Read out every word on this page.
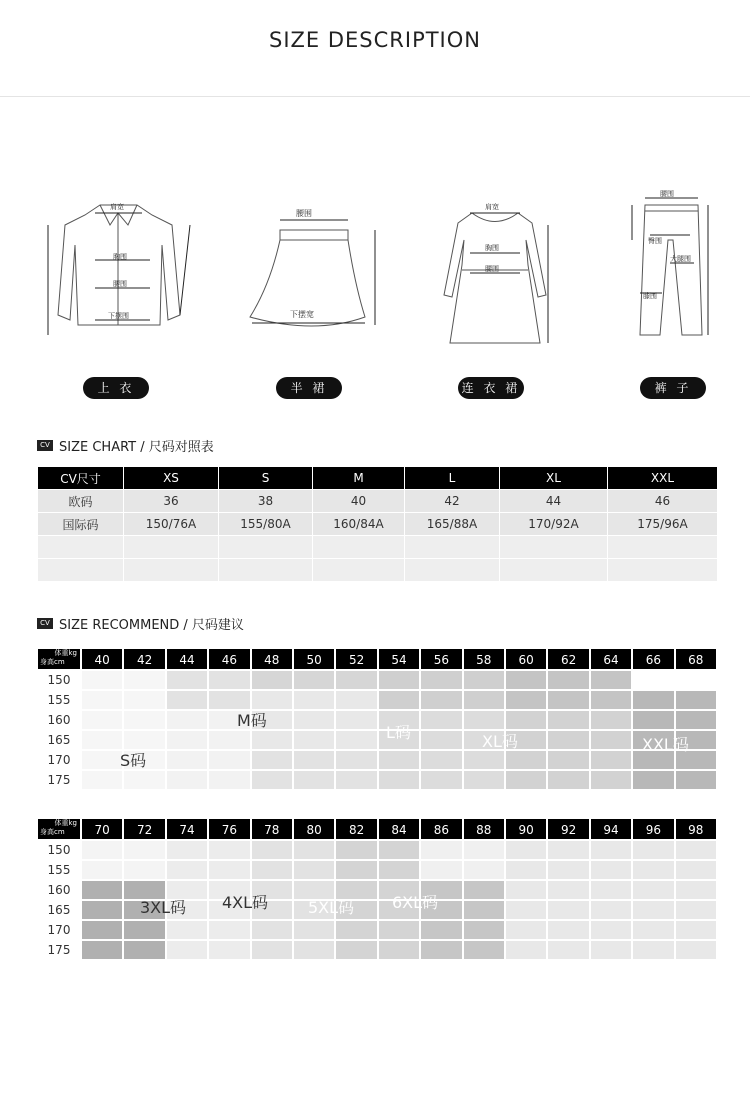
SIZE DESCRIPTION
肩宽
胸围
腰围
下摆围
腰围
下摆宽
肩宽
胸围
腰围
腰围
臀围
大腿围
膝围
上 衣	半 裙	连 衣 裙	裤 子
CV SIZE CHART / 尺码对照表
CV尺寸	XS	S	M	L	XL	XXL
欧码	36	38	40	42	44	46
国际码	150/76A	155/80A	160/84A	165/88A	170/92A	175/96A

CV SIZE RECOMMEND / 尺码建议
体重kg
身高cm	40	42	44	46	48	50	52	54	56	58	60	62	64	66	68
150
155
160
165
170
175
体重kg
身高cm	70	72	74	76	78	80	82	84	86	88	90	92	94	96	98
150
155
160
165
170
175
S码
M码
L码	XL码	XXL码
3XL码 4XL码 5XL码 6XL码
